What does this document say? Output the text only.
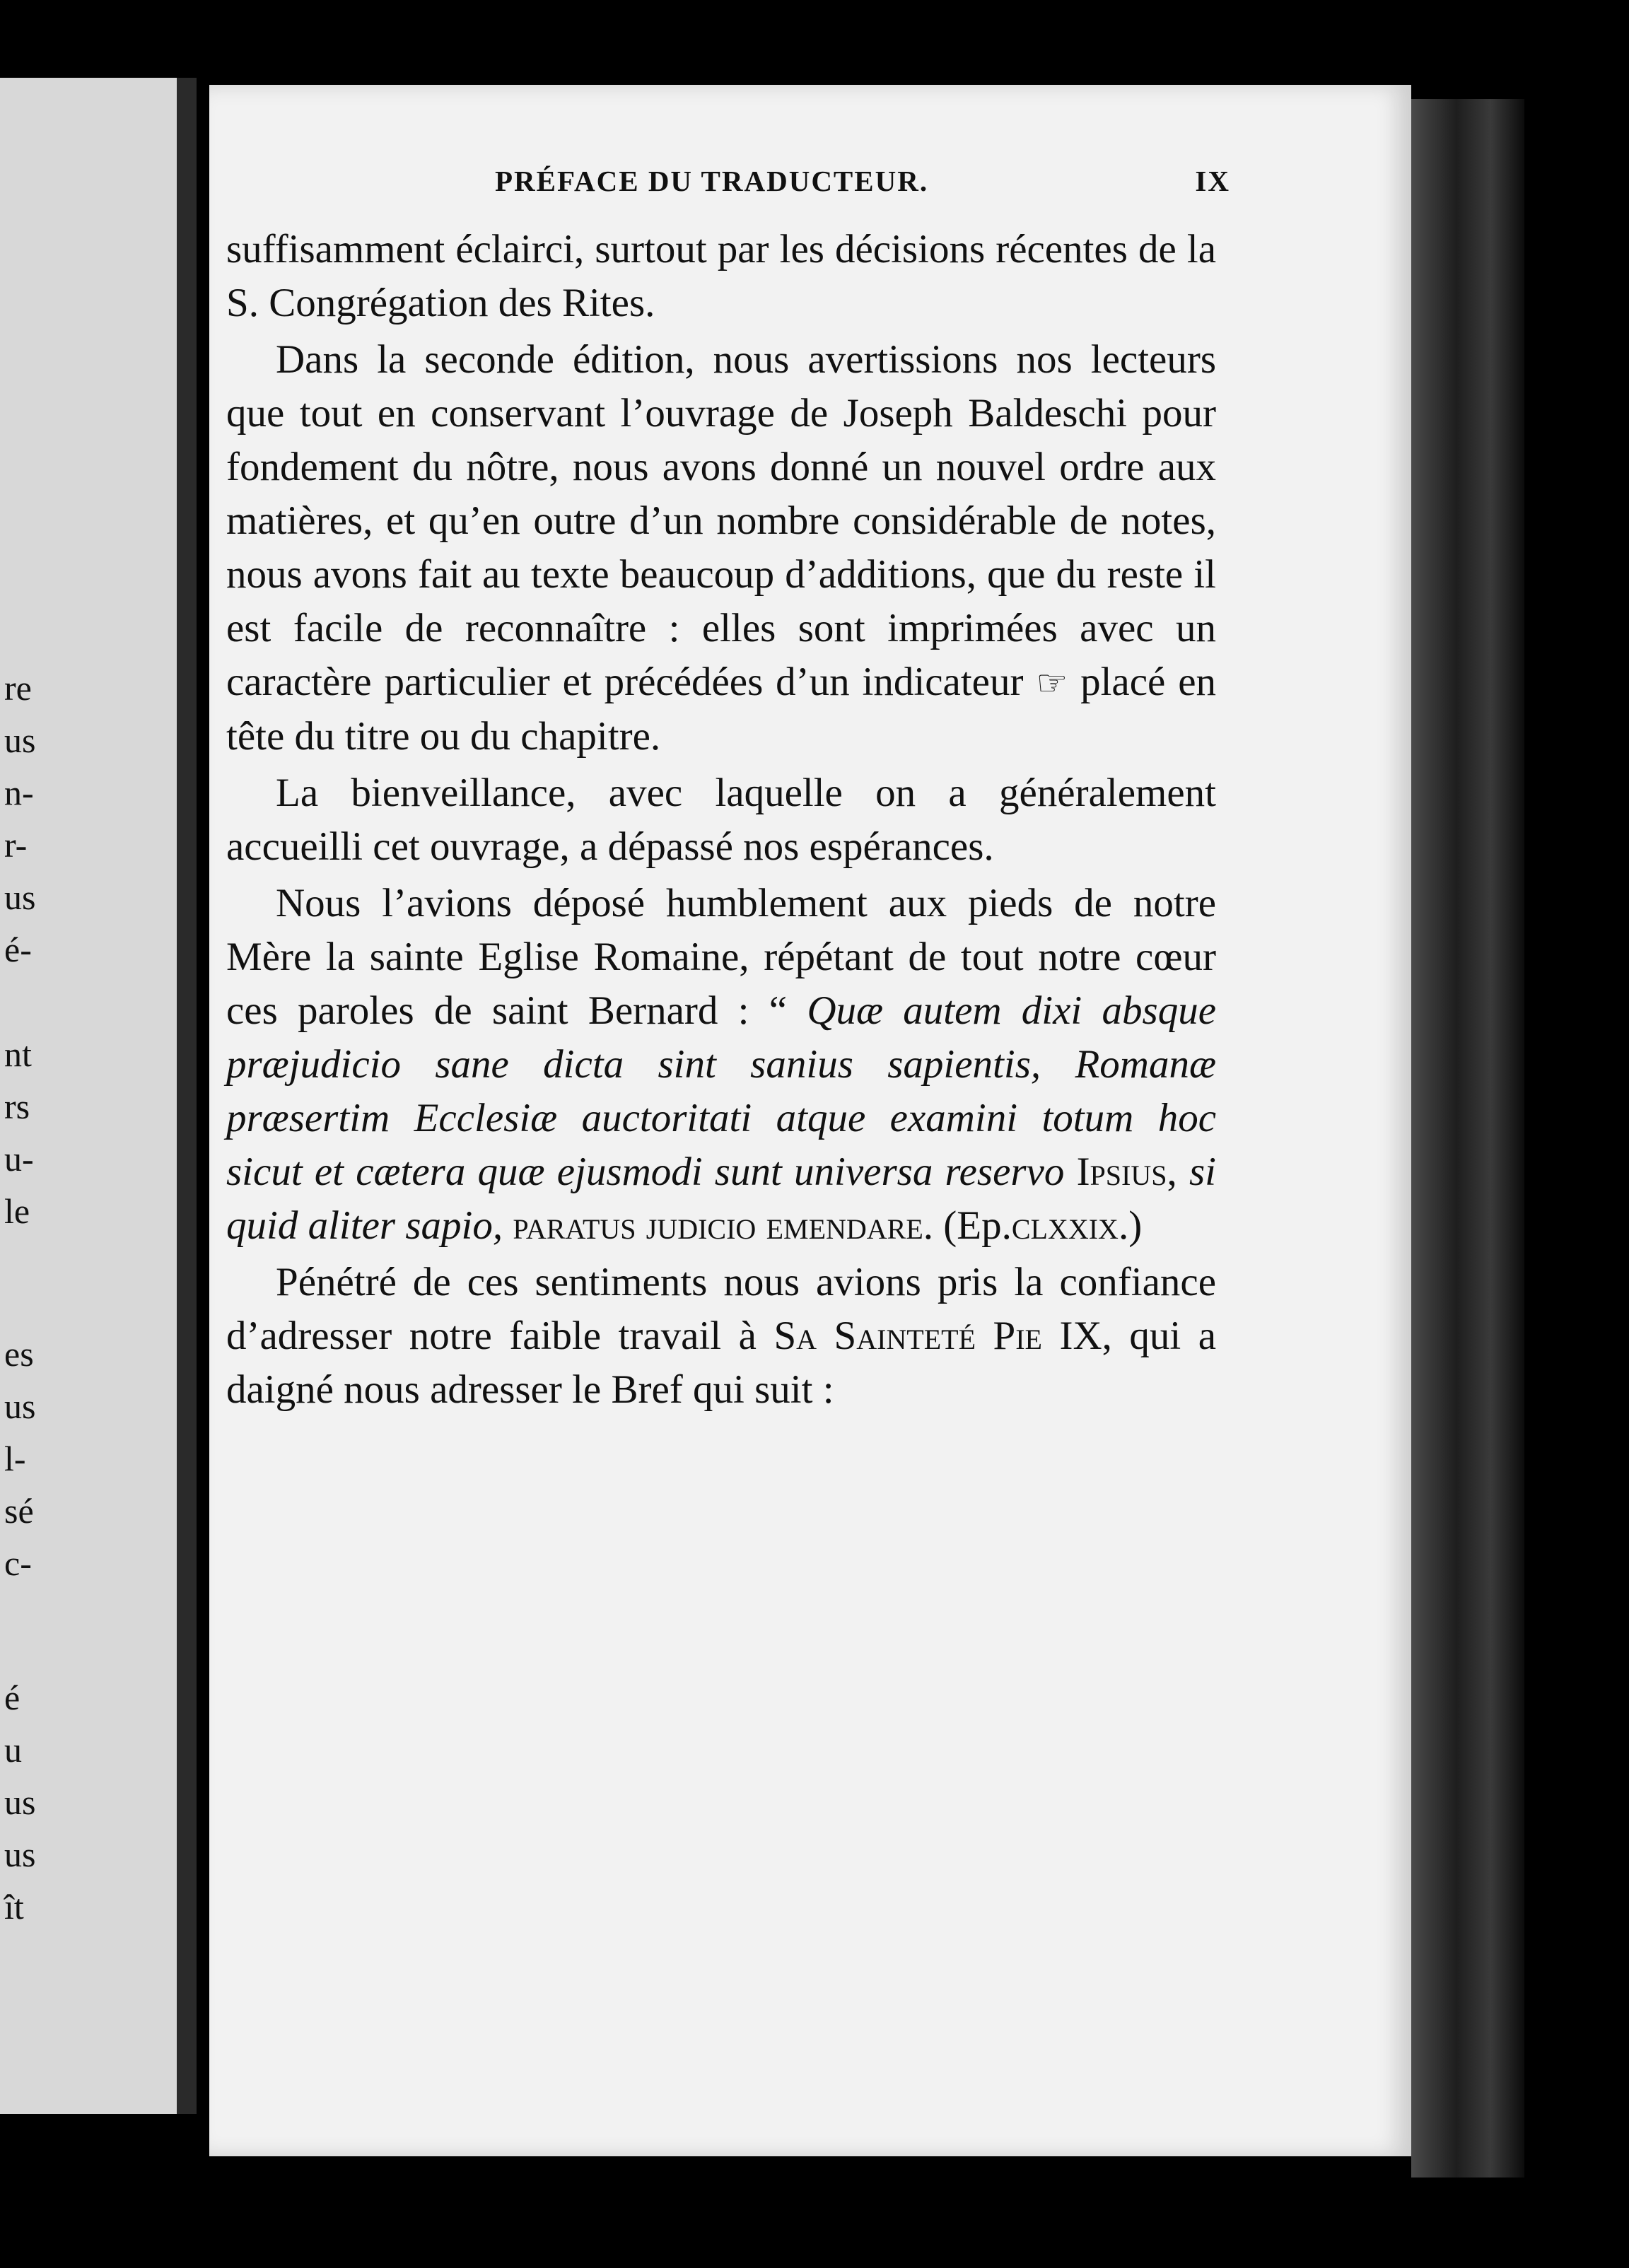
re
us
n-
r-
us
é-
nt
rs
u-
le
es
us
l-
sé
c-
é
u
us
us
ît
PRÉFACE DU TRADUCTEUR.	IX

suffisamment éclairci, surtout par les décisions récentes de la S. Congrégation des Rites.

Dans la seconde édition, nous avertissions nos lecteurs que tout en conservant l’ouvrage de Joseph Baldeschi pour fondement du nôtre, nous avons donné un nouvel ordre aux matières, et qu’en outre d’un nombre considérable de notes, nous avons fait au texte beaucoup d’additions, que du reste il est facile de reconnaître : elles sont imprimées avec un caractère particulier et précédées d’un indicateur ☞ placé en tête du titre ou du chapitre.

La bienveillance, avec laquelle on a généralement accueilli cet ouvrage, a dépassé nos espérances.

Nous l’avions déposé humblement aux pieds de notre Mère la sainte Eglise Romaine, répétant de tout notre cœur ces paroles de saint Bernard : “ Quæ autem dixi absque præjudicio sane dicta sint sanius sapientis, Romanæ præsertim Ecclesiæ auctoritati atque examini totum hoc sicut et cætera quæ ejusmodi sunt universa reservo Ipsius, si quid aliter sapio, paratus judicio emendare. (Ep.clxxix.)

Pénétré de ces sentiments nous avions pris la confiance d’adresser notre faible travail à Sa Sainteté Pie IX, qui a daigné nous adresser le Bref qui suit :
